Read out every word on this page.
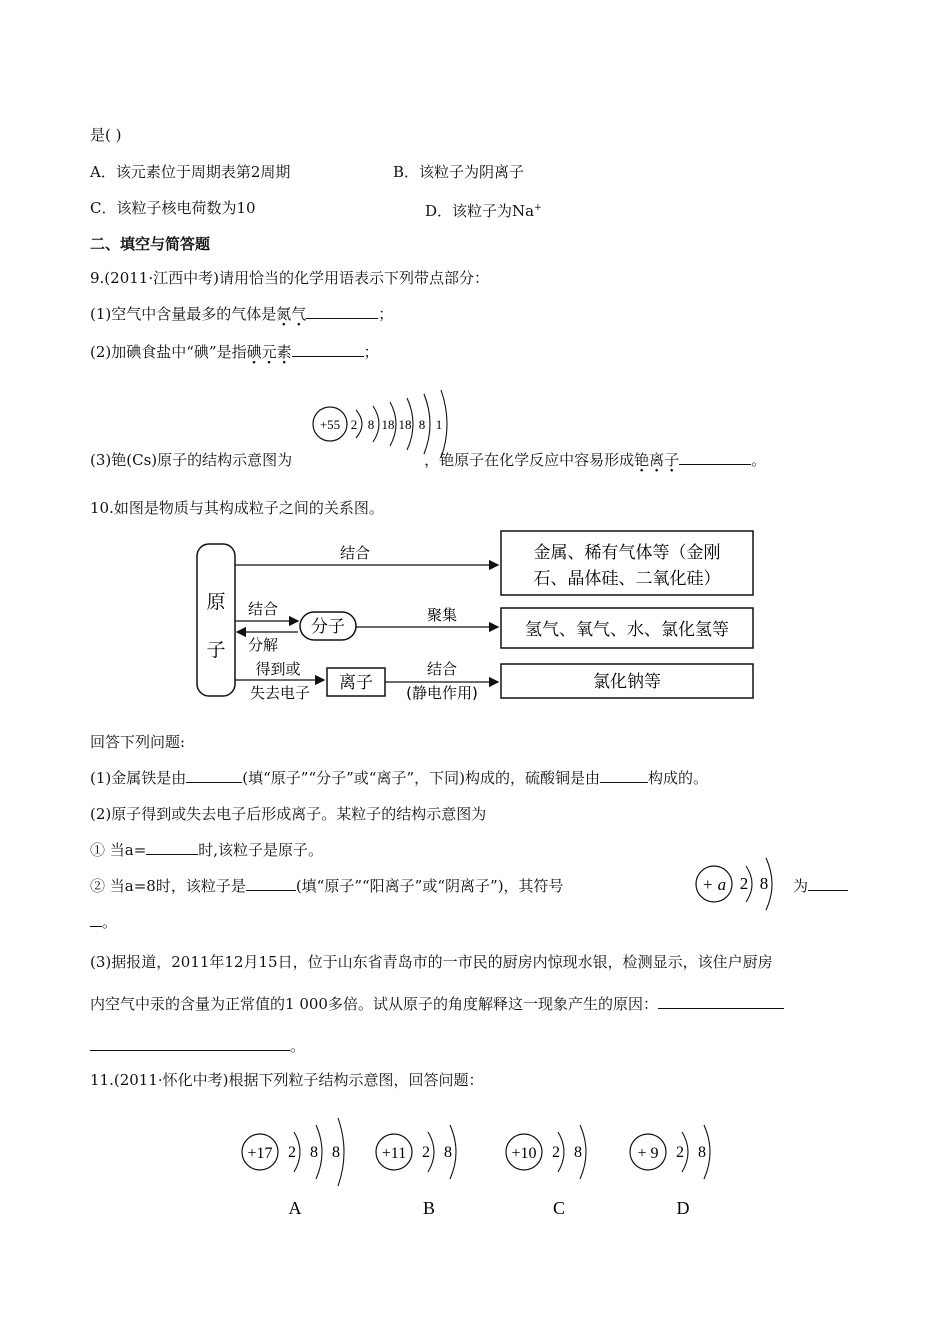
是( )
A．该元素位于周期表第2周期	B．该粒子为阴离子
C．该粒子核电荷数为10	D．该粒子为Na+
二、填空与简答题
9.(2011·江西中考)请用恰当的化学用语表示下列带点部分：
(1)空气中含量最多的气体是氮气	；
(2)加碘食盐中“碘”是指碘元素	；
+55 2 8 18 18 8 1
(3)铯(Cs)原子的结构示意图为	，铯原子在化学反应中容易形成铯离子	。
10.如图是物质与其构成粒子之间的关系图。
原
子
结合	金属、稀有气体等（金刚
石、晶体硅、二氧化硅）
结合
分解
分子
聚集
氢气、氧气、水、氯化氢等
得到或
失去电子 离子
结合
(静电作用)
氯化钠等
回答下列问题:
(1)金属铁是由	(填“原子”“分子”或“离子”，下同)构成的，硫酸铜是由	构成的。
(2)原子得到或失去电子后形成离子。某粒子的结构示意图为
① 当a=	时,该粒子是原子。
② 当a=8时，该粒子是	(填“原子”“阳离子”或“阴离子”)，其符号	为
。
+ a 2 8
(3)据报道，2011年12月15日，位于山东省青岛市的一市民的厨房内惊现水银，检测显示，该住户厨房
内空气中汞的含量为正常值的1 000多倍。试从原子的角度解释这一现象产生的原因：
。
11.(2011·怀化中考)根据下列粒子结构示意图，回答问题：
+17 2 8 8
A
+11 2 8
B
+10 2 8
C
+ 9 2 8
D
